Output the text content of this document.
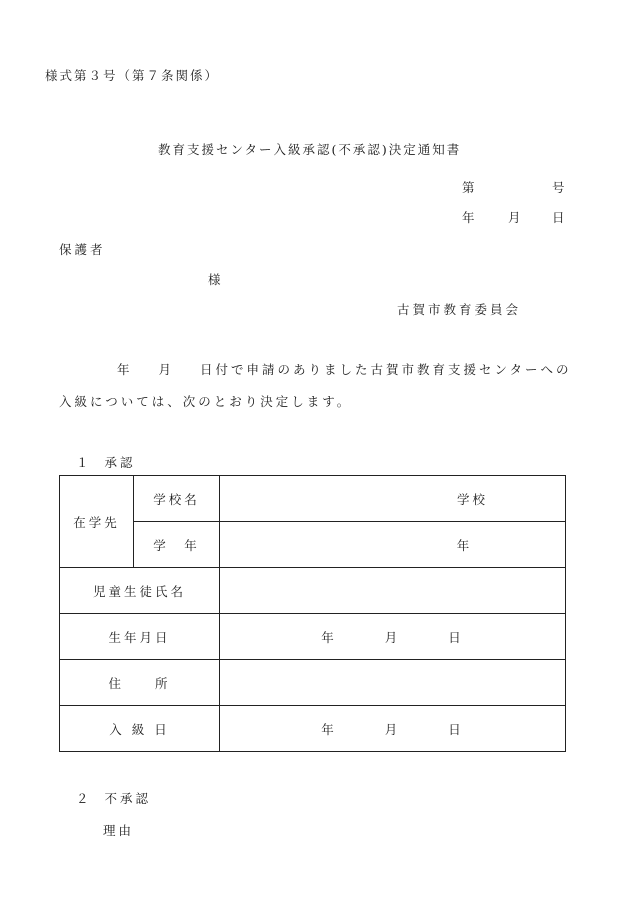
様式第３号（第７条関係）
教育支援センター入級承認(不承認)決定通知書
第	号
年	月	日
保護者
様
古賀市教育委員会
年 月 日付で申請のありました古賀市教育支援センターへの
入級については、次のとおり決定します。
１ 承認
在学先	学校名	学校
	学　年	年
児童生徒氏名		
生年月日		年 月 日
住　　所		
入 級 日		年 月 日
２ 不承認
理由
